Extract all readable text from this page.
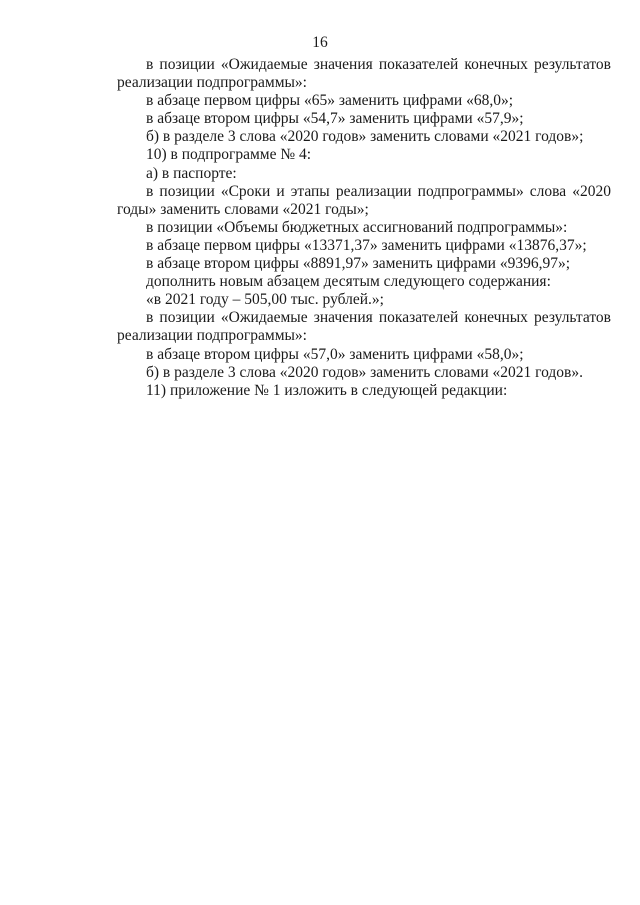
16

в позиции «Ожидаемые значения показателей конечных результатов реализации подпрограммы»:

в абзаце первом цифры «65» заменить цифрами «68,0»;

в абзаце втором цифры «54,7» заменить цифрами «57,9»;

б) в разделе 3 слова «2020 годов» заменить словами «2021 годов»;

10) в подпрограмме № 4:

а) в паспорте:

в позиции «Сроки и этапы реализации подпрограммы» слова «2020 годы» заменить словами «2021 годы»;

в позиции «Объемы бюджетных ассигнований подпрограммы»:

в абзаце первом цифры «13371,37» заменить цифрами «13876,37»;

в абзаце втором цифры «8891,97» заменить цифрами «9396,97»;

дополнить новым абзацем десятым следующего содержания:

«в 2021 году – 505,00 тыс. рублей.»;

в позиции «Ожидаемые значения показателей конечных результатов реализации подпрограммы»:

в абзаце втором цифры «57,0» заменить цифрами «58,0»;

б) в разделе 3 слова «2020 годов» заменить словами «2021 годов».

11) приложение № 1 изложить в следующей редакции:
